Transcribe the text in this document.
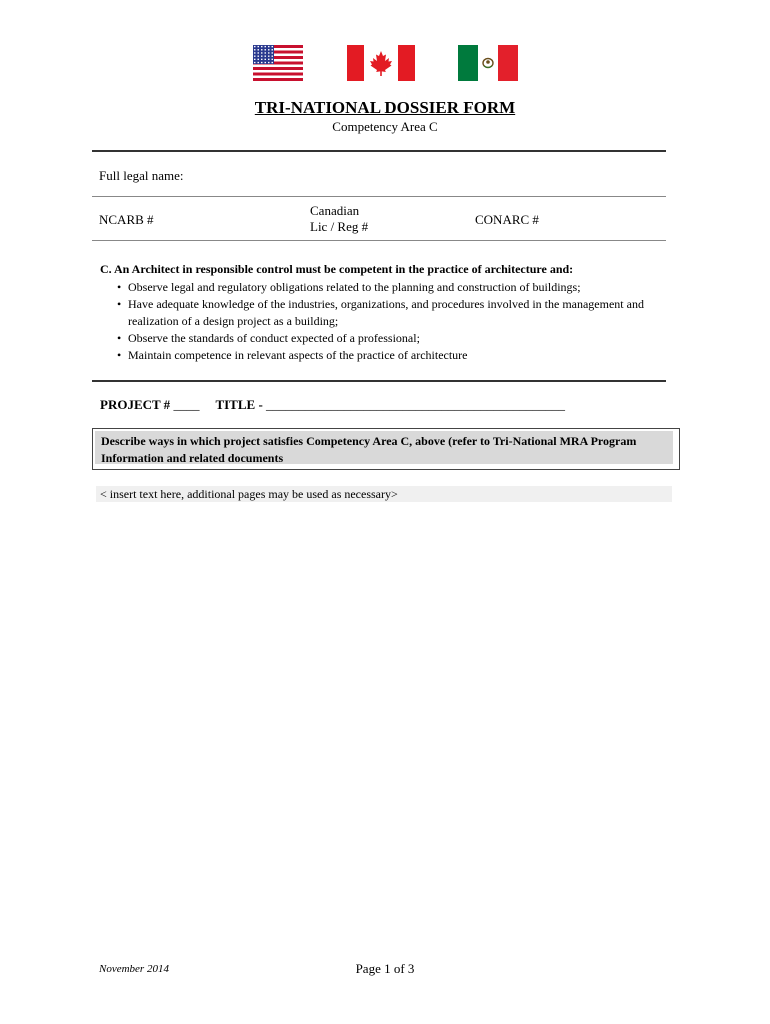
TRI-NATIONAL DOSSIER FORM
Competency Area C
Full legal name:
NCARB #
Canadian
Lic / Reg #	CONARC #
C. An Architect in responsible control must be competent in the practice of architecture and:
• Observe legal and regulatory obligations related to the planning and construction of buildings;
• Have adequate knowledge of the industries, organizations, and procedures involved in the management and realization of a design project as a building;
• Observe the standards of conduct expected of a professional;
• Maintain competence in relevant aspects of the practice of architecture
PROJECT # ____ TITLE - ______________________________________________
Describe ways in which project satisfies Competency Area C, above (refer to Tri-National MRA Program Information and related documents
< insert text here, additional pages may be used as necessary>
November 2014	Page 1 of 3
